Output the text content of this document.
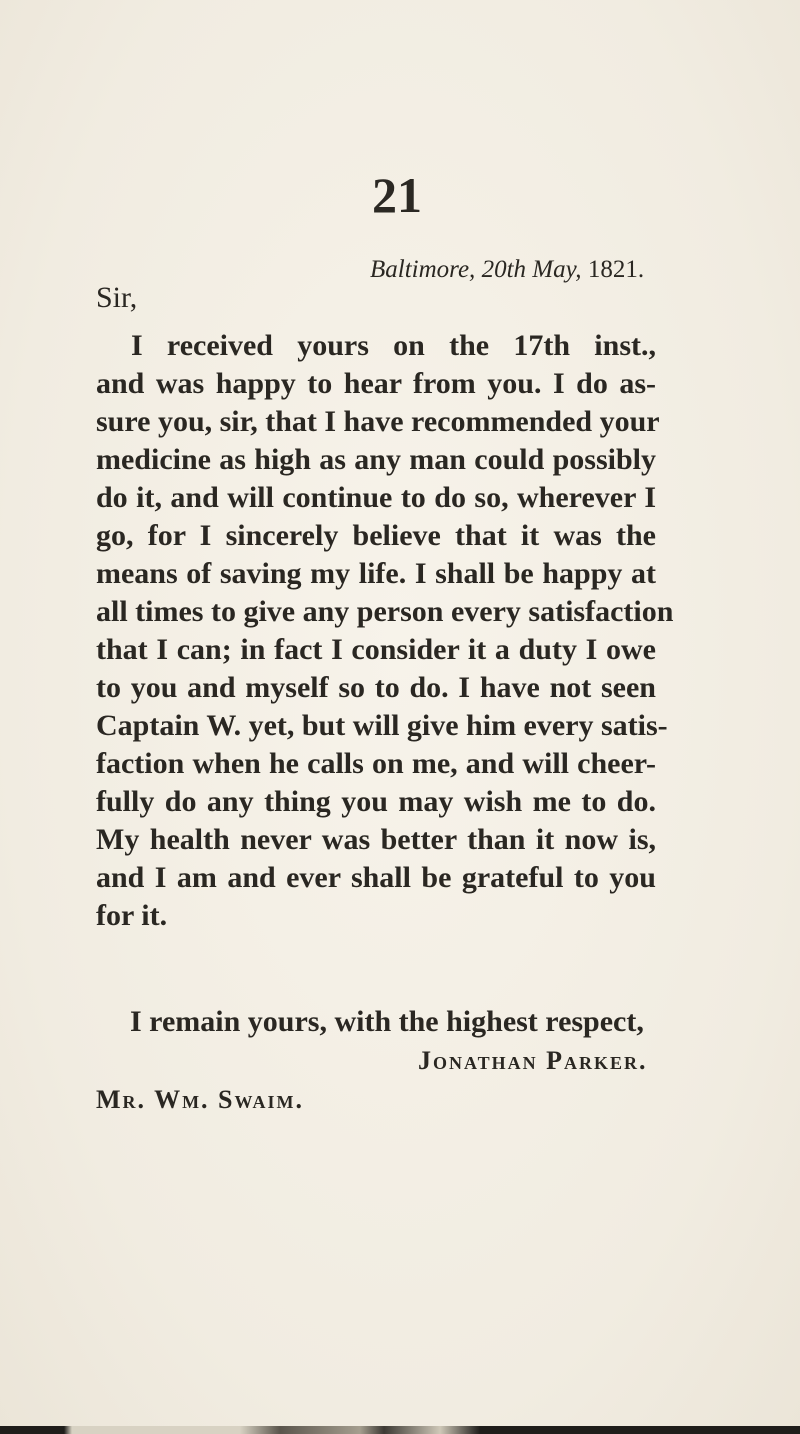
21
Baltimore, 20th May, 1821.
Sir,
I received yours on the 17th inst.,
and was happy to hear from you. I do as-
sure you, sir, that I have recommended your
medicine as high as any man could possibly
do it, and will continue to do so, wherever I
go, for I sincerely believe that it was the
means of saving my life. I shall be happy at
all times to give any person every satisfaction
that I can; in fact I consider it a duty I owe
to you and myself so to do. I have not seen
Captain W. yet, but will give him every satis-
faction when he calls on me, and will cheer-
fully do any thing you may wish me to do.
My health never was better than it now is,
and I am and ever shall be grateful to you
for it.
I remain yours, with the highest respect,
Jonathan Parker.
Mr. Wm. Swaim.
